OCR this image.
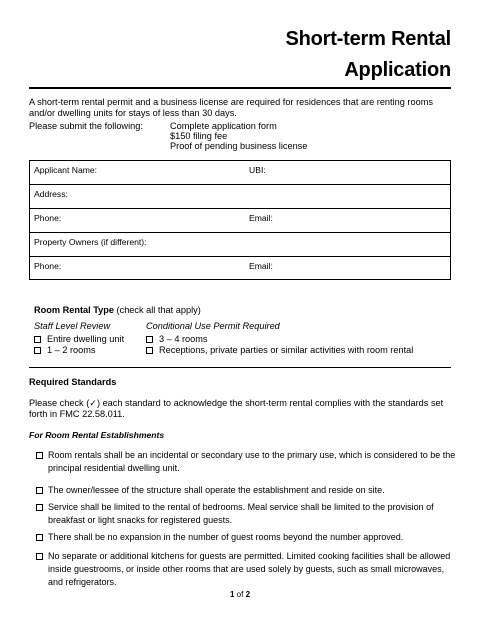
Short-term Rental
Application
A short-term rental permit and a business license are required for residences that are renting rooms and/or dwelling units for stays of less than 30 days.
Please submit the following:	Complete application form
$150 filing fee
Proof of pending business license
Applicant Name:	UBI:
Address:
Phone:	Email:
Property Owners (if different):
Phone:	Email:
Room Rental Type (check all that apply)
Staff Level Review	Conditional Use Permit Required
Entire dwelling unit
1 – 2 rooms
3 – 4 rooms
Receptions, private parties or similar activities with room rental
Required Standards
Please check (✓) each standard to acknowledge the short-term rental complies with the standards set forth in FMC 22.58.011.
For Room Rental Establishments
Room rentals shall be an incidental or secondary use to the primary use, which is considered to be the principal residential dwelling unit.
The owner/lessee of the structure shall operate the establishment and reside on site.
Service shall be limited to the rental of bedrooms. Meal service shall be limited to the provision of breakfast or light snacks for registered guests.
There shall be no expansion in the number of guest rooms beyond the number approved.
No separate or additional kitchens for guests are permitted. Limited cooking facilities shall be allowed inside guestrooms, or inside other rooms that are used solely by guests, such as small microwaves, and refrigerators.
1 of 2
